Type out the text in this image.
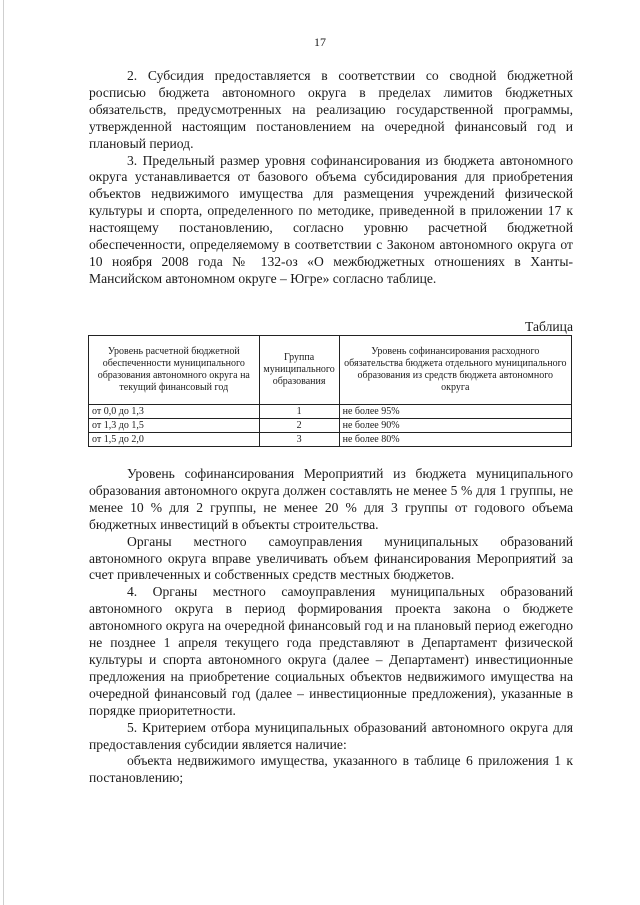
17

2. Субсидия предоставляется в соответствии со сводной бюджетной росписью бюджета автономного округа в пределах лимитов бюджетных обязательств, предусмотренных на реализацию государственной программы, утвержденной настоящим постановлением на очередной финансовый год и плановый период.

3. Предельный размер уровня софинансирования из бюджета автономного округа устанавливается от базового объема субсидирования для приобретения объектов недвижимого имущества для размещения учреждений физической культуры и спорта, определенного по методике, приведенной в приложении 17 к настоящему постановлению, согласно уровню расчетной бюджетной обеспеченности, определяемому в соответствии с Законом автономного округа от 10 ноября 2008 года № 132-оз «О межбюджетных отношениях в Ханты-Мансийском автономном округе – Югре» согласно таблице.

Таблица
Уровень расчетной бюджетной обеспеченности муниципального образования автономного округа на текущий финансовый год	Группа муниципального образования	Уровень софинансирования расходного обязательства бюджета отдельного муниципального образования из средств бюджета автономного округа
от 0,0 до 1,3	1	не более 95%
от 1,3 до 1,5	2	не более 90%
от 1,5 до 2,0	3	не более 80%

Уровень софинансирования Мероприятий из бюджета муниципального образования автономного округа должен составлять не менее 5 % для 1 группы, не менее 10 % для 2 группы, не менее 20 % для 3 группы от годового объема бюджетных инвестиций в объекты строительства.

Органы местного самоуправления муниципальных образований автономного округа вправе увеличивать объем финансирования Мероприятий за счет привлеченных и собственных средств местных бюджетов.

4. Органы местного самоуправления муниципальных образований автономного округа в период формирования проекта закона о бюджете автономного округа на очередной финансовый год и на плановый период ежегодно не позднее 1 апреля текущего года представляют в Департамент физической культуры и спорта автономного округа (далее – Департамент) инвестиционные предложения на приобретение социальных объектов недвижимого имущества на очередной финансовый год (далее – инвестиционные предложения), указанные в порядке приоритетности.

5. Критерием отбора муниципальных образований автономного округа для предоставления субсидии является наличие:

объекта недвижимого имущества, указанного в таблице 6 приложения 1 к постановлению;
